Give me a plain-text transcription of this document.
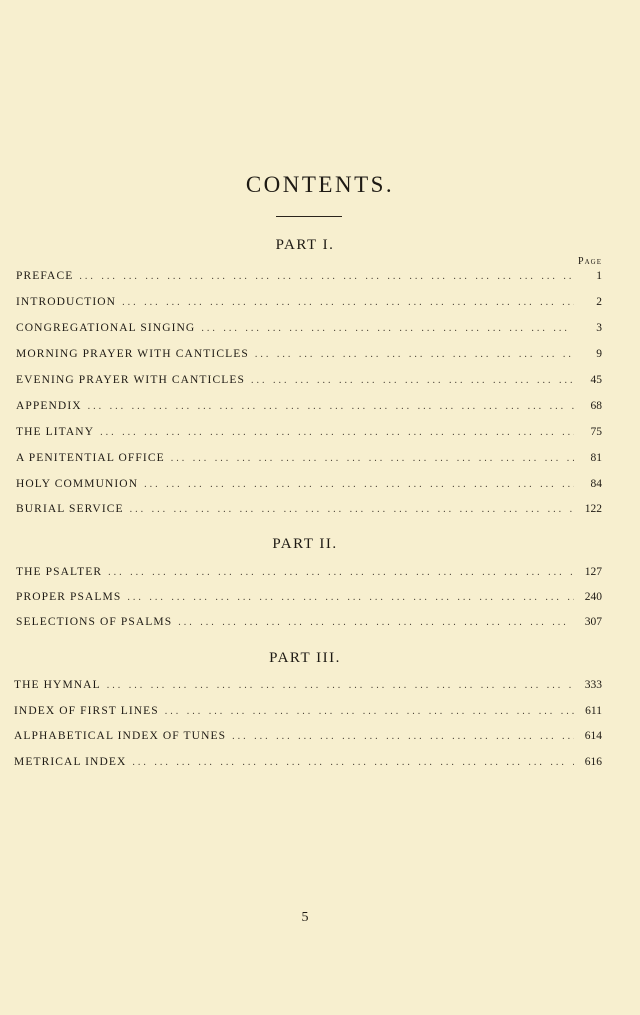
CONTENTS.
PART I.
Page
PREFACE ... .	1
INTRODUCTION ... .	2
CONGREGATIONAL SINGING ... .	3
MORNING PRAYER WITH CANTICLES ... .	9
EVENING PRAYER WITH CANTICLES ... .	45
APPENDIX ... .	68
THE LITANY ... .	75
A PENITENTIAL OFFICE ... .	81
HOLY COMMUNION ... .	84
BURIAL SERVICE ... .	122
PART II.
THE PSALTER ... .	127
PROPER PSALMS ... .	240
SELECTIONS OF PSALMS ... .	307
PART III.
THE HYMNAL ... .	333
INDEX OF FIRST LINES ... .	611
ALPHABETICAL INDEX OF TUNES ... .	614
METRICAL INDEX ... .	616
5
